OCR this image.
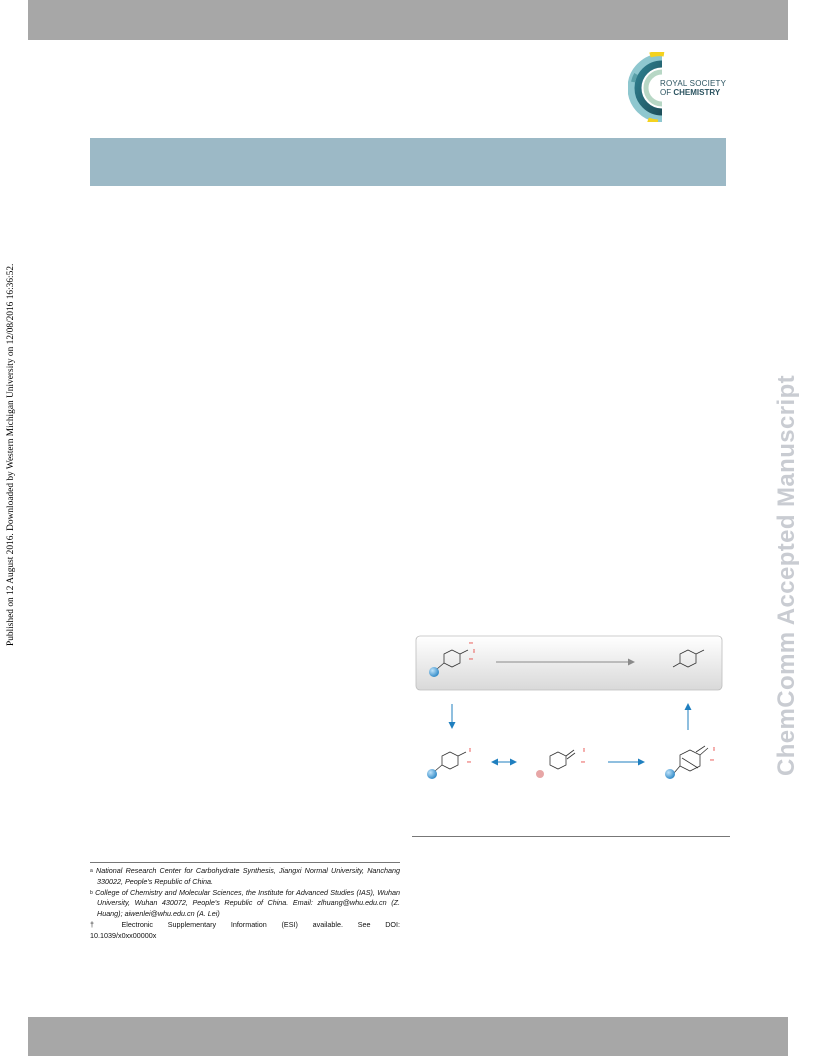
ROYAL SOCIETY
OF CHEMISTRY
Published on 12 August 2016. Downloaded by Western Michigan University on 12/08/2016 16:36:52.	ChemComm Accepted Manuscript

$^a$ National Research Center for Carbohydrate Synthesis, Jiangxi Normal University, Nanchang 330022, People's Republic of China.

$^b$ College of Chemistry and Molecular Sciences, the Institute for Advanced Studies (IAS), Wuhan University, Wuhan 430072, People's Republic of China. Email: zlhuang@whu.edu.cn (Z. Huang); aiwenlei@whu.edu.cn (A. Lei)

† Electronic Supplementary Information (ESI) available. See DOI:

10.1039/x0xx00000x
